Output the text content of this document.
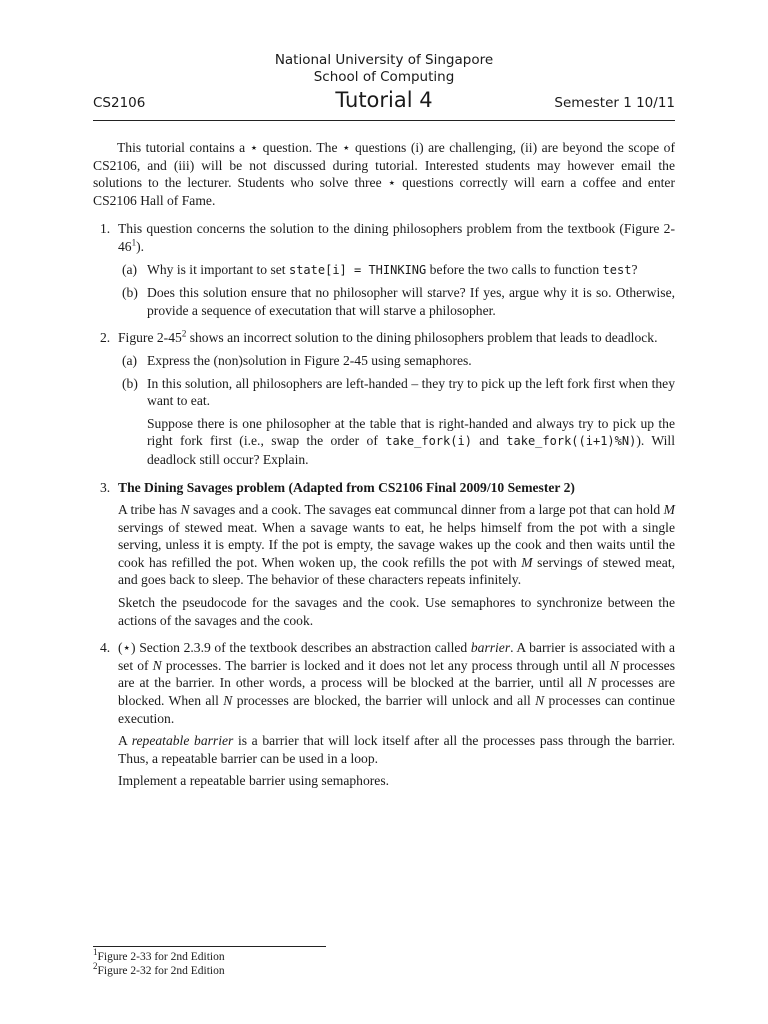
National University of Singapore
School of Computing
CS2106	Tutorial 4	Semester 1 10/11

This tutorial contains a ⋆ question. The ⋆ questions (i) are challenging, (ii) are beyond the scope of CS2106, and (iii) will be not discussed during tutorial. Interested students may however email the solutions to the lecturer. Students who solve three ⋆ questions correctly will earn a coffee and enter CS2106 Hall of Fame.

1. This question concerns the solution to the dining philosophers problem from the textbook (Figure $2-46^1$).

(a) Why is it important to set state[i] = THINKING before the two calls to function test?

(b) Does this solution ensure that no philosopher will starve? If yes, argue why it is so. Otherwise, provide a sequence of executation that will starve a philosopher.

2. Figure $2-45^2$ shows an incorrect solution to the dining philosophers problem that leads to deadlock.

(a) Express the (non)solution in Figure 2-45 using semaphores.

(b) In this solution, all philosophers are left-handed – they try to pick up the left fork first when they want to eat.

Suppose there is one philosopher at the table that is right-handed and always try to pick up the right fork first (i.e., swap the order of take_fork(i) and take_fork((i+1)%N)). Will deadlock still occur? Explain.

3. The Dining Savages problem (Adapted from CS2106 Final 2009/10 Semester 2)

A tribe has N savages and a cook. The savages eat communcal dinner from a large pot that can hold M servings of stewed meat. When a savage wants to eat, he helps himself from the pot with a single serving, unless it is empty. If the pot is empty, the savage wakes up the cook and then waits until the cook has refilled the pot. When woken up, the cook refills the pot with M servings of stewed meat, and goes back to sleep. The behavior of these characters repeats infinitely.

Sketch the pseudocode for the savages and the cook. Use semaphores to synchronize between the actions of the savages and the cook.

4. (⋆) Section 2.3.9 of the textbook describes an abstraction called barrier. A barrier is associated with a set of N processes. The barrier is locked and it does not let any process through until all N processes are at the barrier. In other words, a process will be blocked at the barrier, until all N processes are blocked. When all N processes are blocked, the barrier will unlock and all N processes can continue execution.

A repeatable barrier is a barrier that will lock itself after all the processes pass through the barrier. Thus, a repeatable barrier can be used in a loop.

Implement a repeatable barrier using semaphores.

$^1$Figure 2-33 for 2nd Edition
$^2$Figure 2-32 for 2nd Edition
